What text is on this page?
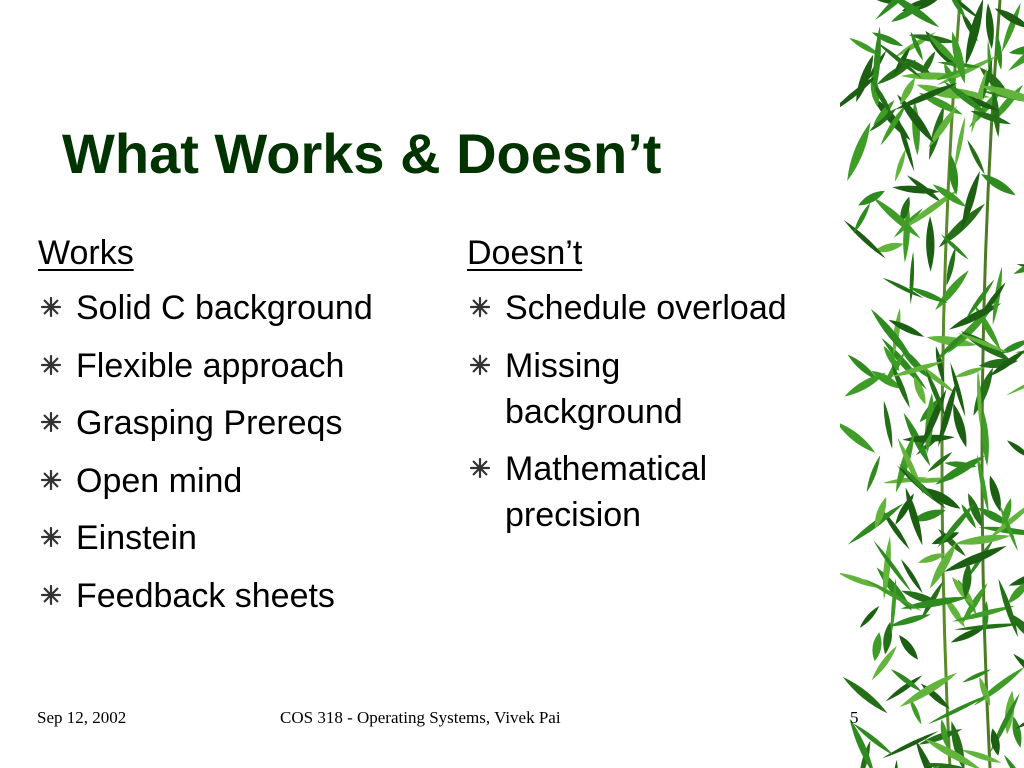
What Works & Doesn’t
Works
Solid C background
Flexible approach
Grasping Prereqs
Open mind
Einstein
Feedback sheets
Doesn’t
Schedule overload
Missing background
Mathematical precision
Sep 12, 2002	COS 318 - Operating Systems, Vivek Pai	5
